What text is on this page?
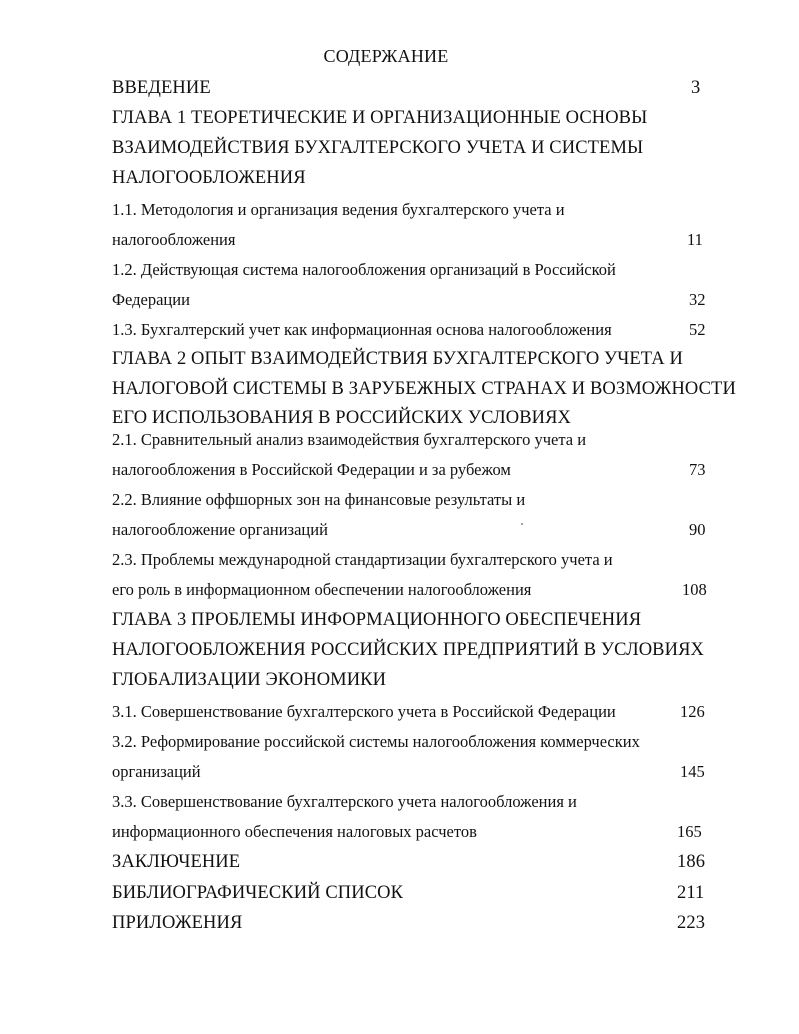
СОДЕРЖАНИЕ
ВВЕДЕНИЕ	3
ГЛАВА 1 ТЕОРЕТИЧЕСКИЕ И ОРГАНИЗАЦИОННЫЕ ОСНОВЫ
ВЗАИМОДЕЙСТВИЯ БУХГАЛТЕРСКОГО УЧЕТА И СИСТЕМЫ
НАЛОГООБЛОЖЕНИЯ
1.1. Методология и организация ведения бухгалтерского учета и
налогообложения	11
1.2. Действующая система налогообложения организаций в Российской
Федерации	32
1.3. Бухгалтерский учет как информационная основа налогообложения	52
ГЛАВА 2 ОПЫТ ВЗАИМОДЕЙСТВИЯ БУХГАЛТЕРСКОГО УЧЕТА И
НАЛОГОВОЙ СИСТЕМЫ В ЗАРУБЕЖНЫХ СТРАНАХ И ВОЗМОЖНОСТИ
ЕГО ИСПОЛЬЗОВАНИЯ В РОССИЙСКИХ УСЛОВИЯХ
2.1. Сравнительный анализ взаимодействия бухгалтерского учета и
налогообложения в Российской Федерации и за рубежом	73
2.2. Влияние оффшорных зон на финансовые результаты и
налогообложение организаций	90
2.3. Проблемы международной стандартизации бухгалтерского учета и
его роль в информационном обеспечении налогообложения	108
ГЛАВА 3 ПРОБЛЕМЫ ИНФОРМАЦИОННОГО ОБЕСПЕЧЕНИЯ
НАЛОГООБЛОЖЕНИЯ РОССИЙСКИХ ПРЕДПРИЯТИЙ В УСЛОВИЯХ
ГЛОБАЛИЗАЦИИ ЭКОНОМИКИ
3.1. Совершенствование бухгалтерского учета в Российской Федерации	126
3.2. Реформирование российской системы налогообложения коммерческих
организаций	145
3.3. Совершенствование бухгалтерского учета налогообложения и
информационного обеспечения налоговых расчетов	165
ЗАКЛЮЧЕНИЕ	186
БИБЛИОГРАФИЧЕСКИЙ СПИСОК	211
ПРИЛОЖЕНИЯ	223
